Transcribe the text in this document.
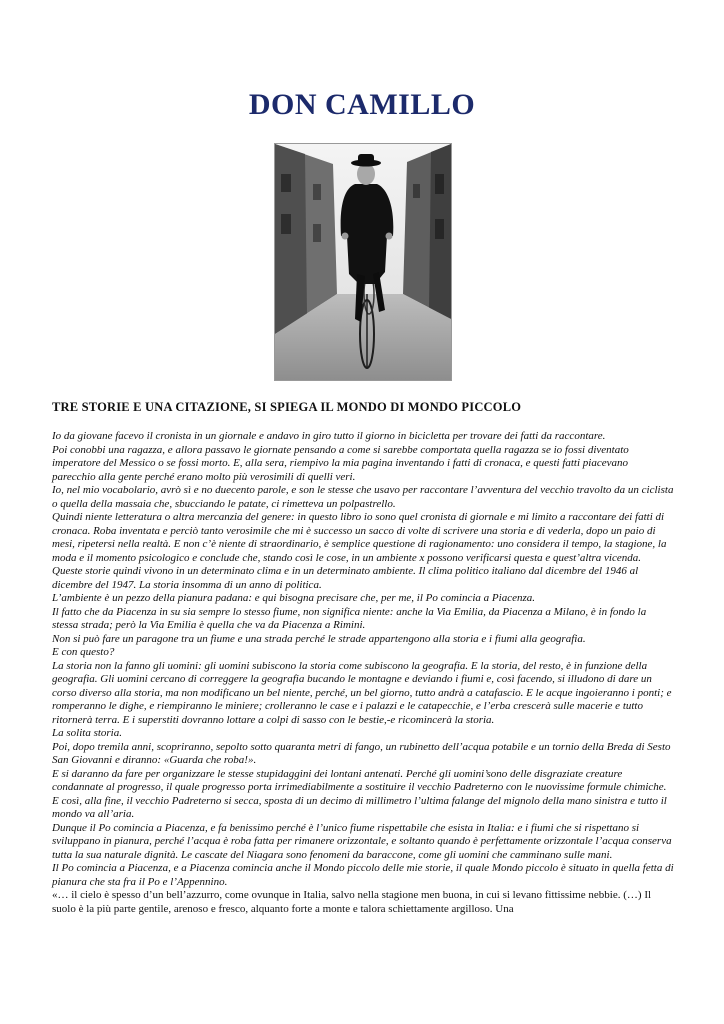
DON CAMILLO
TRE STORIE E UNA CITAZIONE, SI SPIEGA IL MONDO DI MONDO PICCOLO

Io da giovane facevo il cronista in un giornale e andavo in giro tutto il giorno in bicicletta per trovare dei fatti da raccontare.

Poi conobbi una ragazza, e allora passavo le giornate pensando a come si sarebbe comportata quella ragazza se io fossi diventato imperatore del Messico o se fossi morto. E, alla sera, riempivo la mia pagina inventando i fatti di cronaca, e questi fatti piacevano parecchio alla gente perché erano molto più verosimili di quelli veri.

Io, nel mio vocabolario, avrò sì e no duecento parole, e son le stesse che usavo per raccontare l’avventura del vecchio travolto da un ciclista o quella della massaia che, sbucciando le patate, ci rimetteva un polpastrello.

Quindi niente letteratura o altra mercanzia del genere: in questo libro io sono quel cronista di giornale e mi limito a raccontare dei fatti di cronaca. Roba inventata e perciò tanto verosimile che mi è successo un sacco di volte di scrivere una storia e di vederla, dopo un paio di mesi, ripetersi nella realtà. E non c’è niente di straordinario, è semplice questione di ragionamento: uno considera il tempo, la stagione, la moda e il momento psicologico e conclude che, stando così le cose, in un ambiente x possono verificarsi questa e quest’altra vicenda.

Queste storie quindi vivono in un determinato clima e in un determinato ambiente. Il clima politico italiano dal dicembre del 1946 al dicembre del 1947. La storia insomma di un anno di politica.

L’ambiente è un pezzo della pianura padana: e qui bisogna precisare che, per me, il Po comincia a Piacenza.

Il fatto che da Piacenza in su sia sempre lo stesso fiume, non significa niente: anche la Via Emilia, da Piacenza a Milano, è in fondo la stessa strada; però la Via Emilia è quella che va da Piacenza a Rimini.

Non si può fare un paragone tra un fiume e una strada perché le strade appartengono alla storia e i fiumi alla geografia.

E con questo?

La storia non la fanno gli uomini: gli uomini subiscono la storia come subiscono la geografia. E la storia, del resto, è in funzione della geografia. Gli uomini cercano di correggere la geografia bucando le montagne e deviando i fiumi e, così facendo, si illudono di dare un corso diverso alla storia, ma non modificano un bel niente, perché, un bel giorno, tutto andrà a catafascio. E le acque ingoieranno i ponti; e romperanno le dighe, e riempiranno le miniere; crolleranno le case e i palazzi e le catapecchie, e l’erba crescerà sulle macerie e tutto ritornerà terra. E i superstiti dovranno lottare a colpi di sasso con le bestie,-e ricomincerà la storia.

La solita storia.

Poi, dopo tremila anni, scopriranno, sepolto sotto quaranta metri di fango, un rubinetto dell’acqua potabile e un tornio della Breda di Sesto San Giovanni e diranno: «Guarda che roba!».

E si daranno da fare per organizzare le stesse stupidaggini dei lontani antenati. Perché gli uomini’sono delle disgraziate creature condannate al progresso, il quale progresso porta irrimediabilmente a sostituire il vecchio Padreterno con le nuovissime formule chimiche. E così, alla fine, il vecchio Padreterno si secca, sposta di un decimo di millimetro l’ultima falange del mignolo della mano sinistra e tutto il mondo va all’aria.

Dunque il Po comincia a Piacenza, e fa benissimo perché è l’unico fiume rispettabile che esista in Italia: e i fiumi che si rispettano si sviluppano in pianura, perché l’acqua è roba fatta per rimanere orizzontale, e soltanto quando è perfettamente orizzontale l’acqua conserva tutta la sua naturale dignità. Le cascate del Niagara sono fenomeni da baraccone, come gli uomini che camminano sulle mani.

Il Po comincia a Piacenza, e a Piacenza comincia anche il Mondo piccolo delle mie storie, il quale Mondo piccolo è situato in quella fetta di pianura che sta fra il Po e l’Appennino.

«… il cielo è spesso d’un bell’azzurro, come ovunque in Italia, salvo nella stagione men buona, in cui si levano fittissime nebbie. (…) Il suolo è la più parte gentile, arenoso e fresco, alquanto forte a monte e talora schiettamente argilloso. Una
